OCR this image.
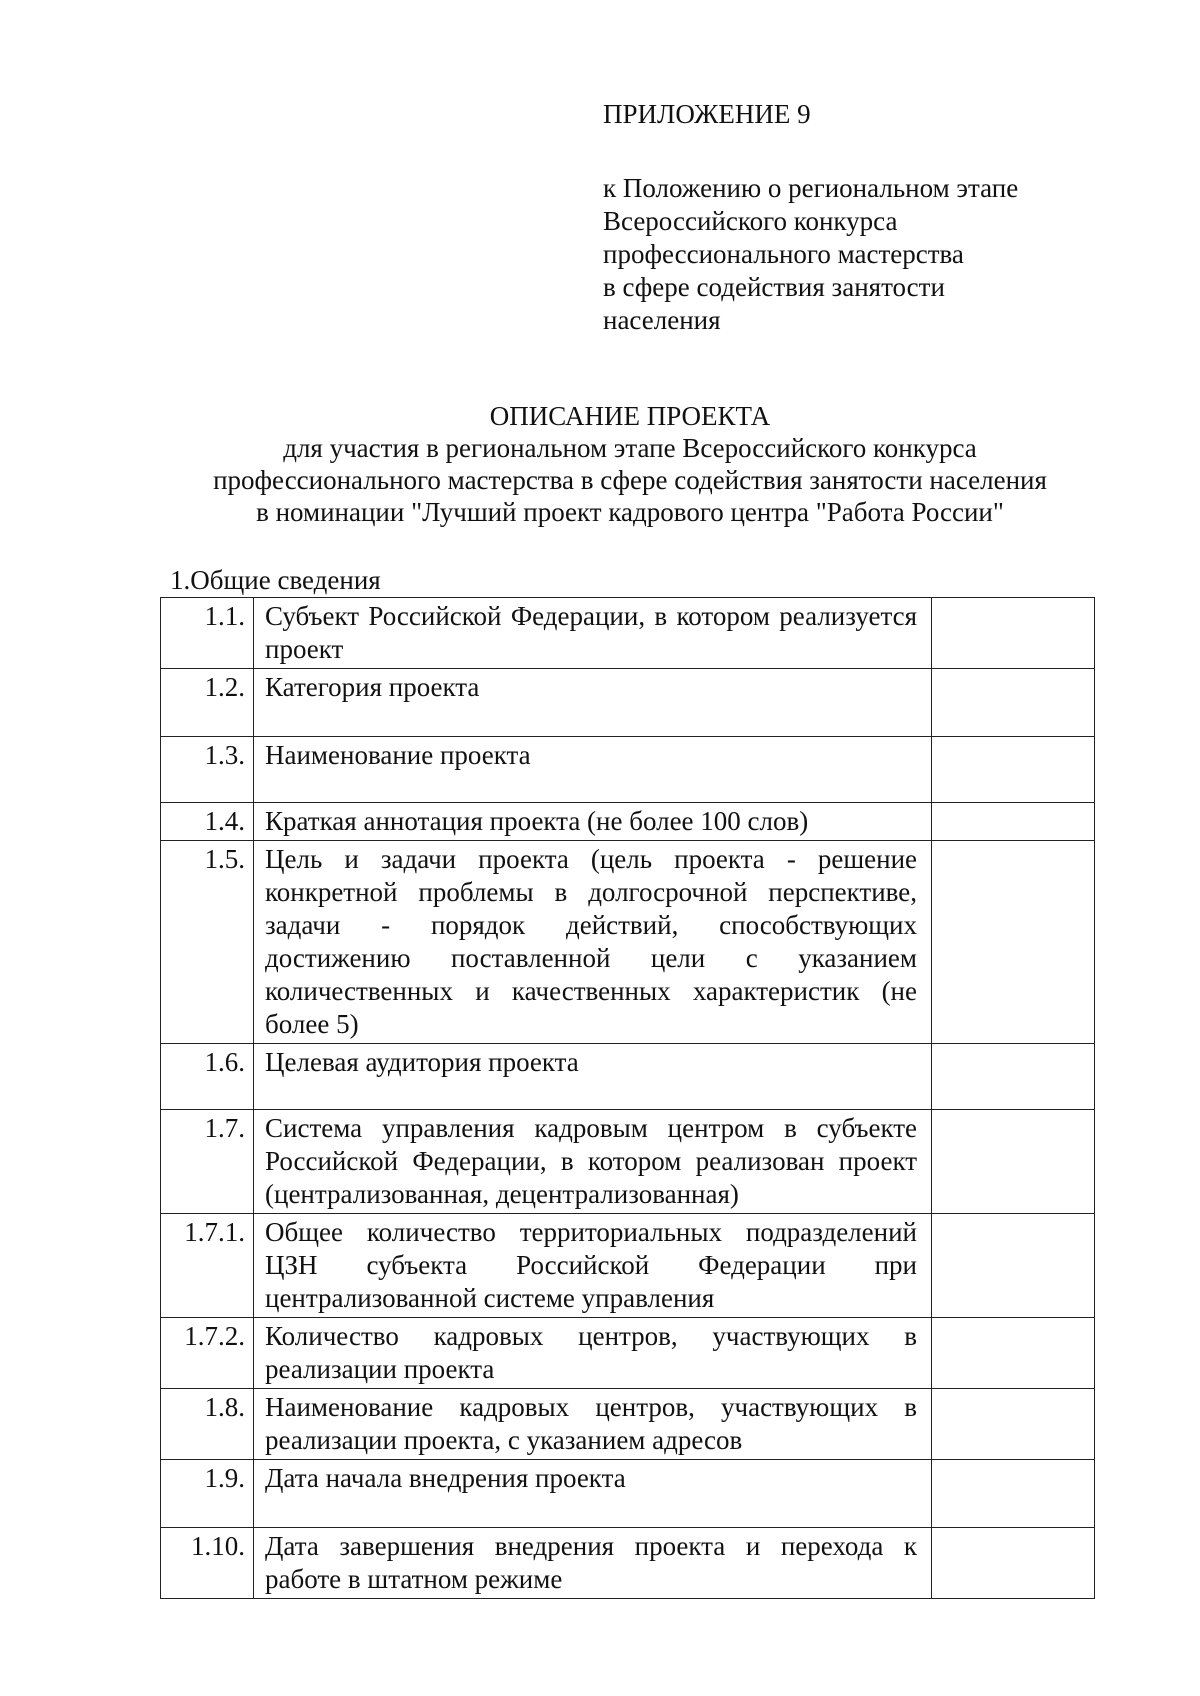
ПРИЛОЖЕНИЕ 9
к Положению о региональном этапе
Всероссийского конкурса
профессионального мастерства
в сфере содействия занятости
населения
ОПИСАНИЕ ПРОЕКТА
для участия в региональном этапе Всероссийского конкурса
профессионального мастерства в сфере содействия занятости населения
в номинации "Лучший проект кадрового центра "Работа России"
1.Общие сведения
1.1.	Субъект Российской Федерации, в котором реализуется проект	

1.2.	Категория проекта	

1.3.	Наименование проекта	

1.4.	Краткая аннотация проекта (не более 100 слов)	

1.5.	Цель и задачи проекта (цель проекта - решение конкретной проблемы в долгосрочной перспективе, задачи - порядок действий, способствующих достижению поставленной цели с указанием количественных и качественных характеристик (не более 5)	

1.6.	Целевая аудитория проекта	

1.7.	Система управления кадровым центром в субъекте Российской Федерации, в котором реализован проект (централизованная, децентрализованная)	

1.7.1.	Общее количество территориальных подразделений ЦЗН субъекта Российской Федерации при централизованной системе управления	

1.7.2.	Количество кадровых центров, участвующих в реализации проекта	

1.8.	Наименование кадровых центров, участвующих в реализации проекта, с указанием адресов	

1.9.	Дата начала внедрения проекта	

1.10.	Дата завершения внедрения проекта и перехода к работе в штатном режиме	
